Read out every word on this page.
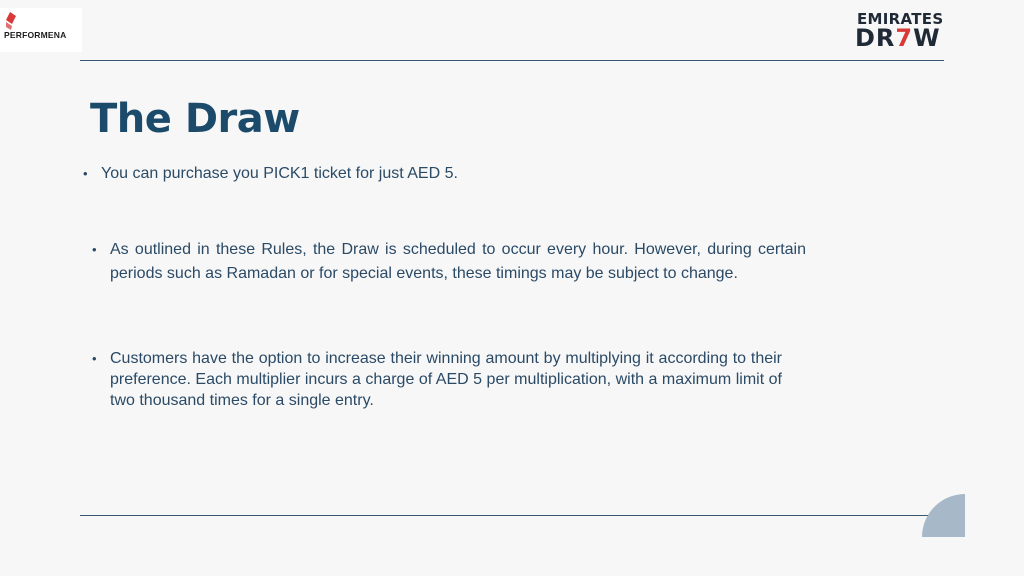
PERFORMENA
EMIRATES
DR7W
The Draw
• You can purchase you PICK1 ticket for just AED 5.
• As outlined in these Rules, the Draw is scheduled to occur every hour. However, during certain periods such as Ramadan or for special events, these timings may be subject to change.
• Customers have the option to increase their winning amount by multiplying it according to their preference. Each multiplier incurs a charge of AED 5 per multiplication, with a maximum limit of two thousand times for a single entry.
